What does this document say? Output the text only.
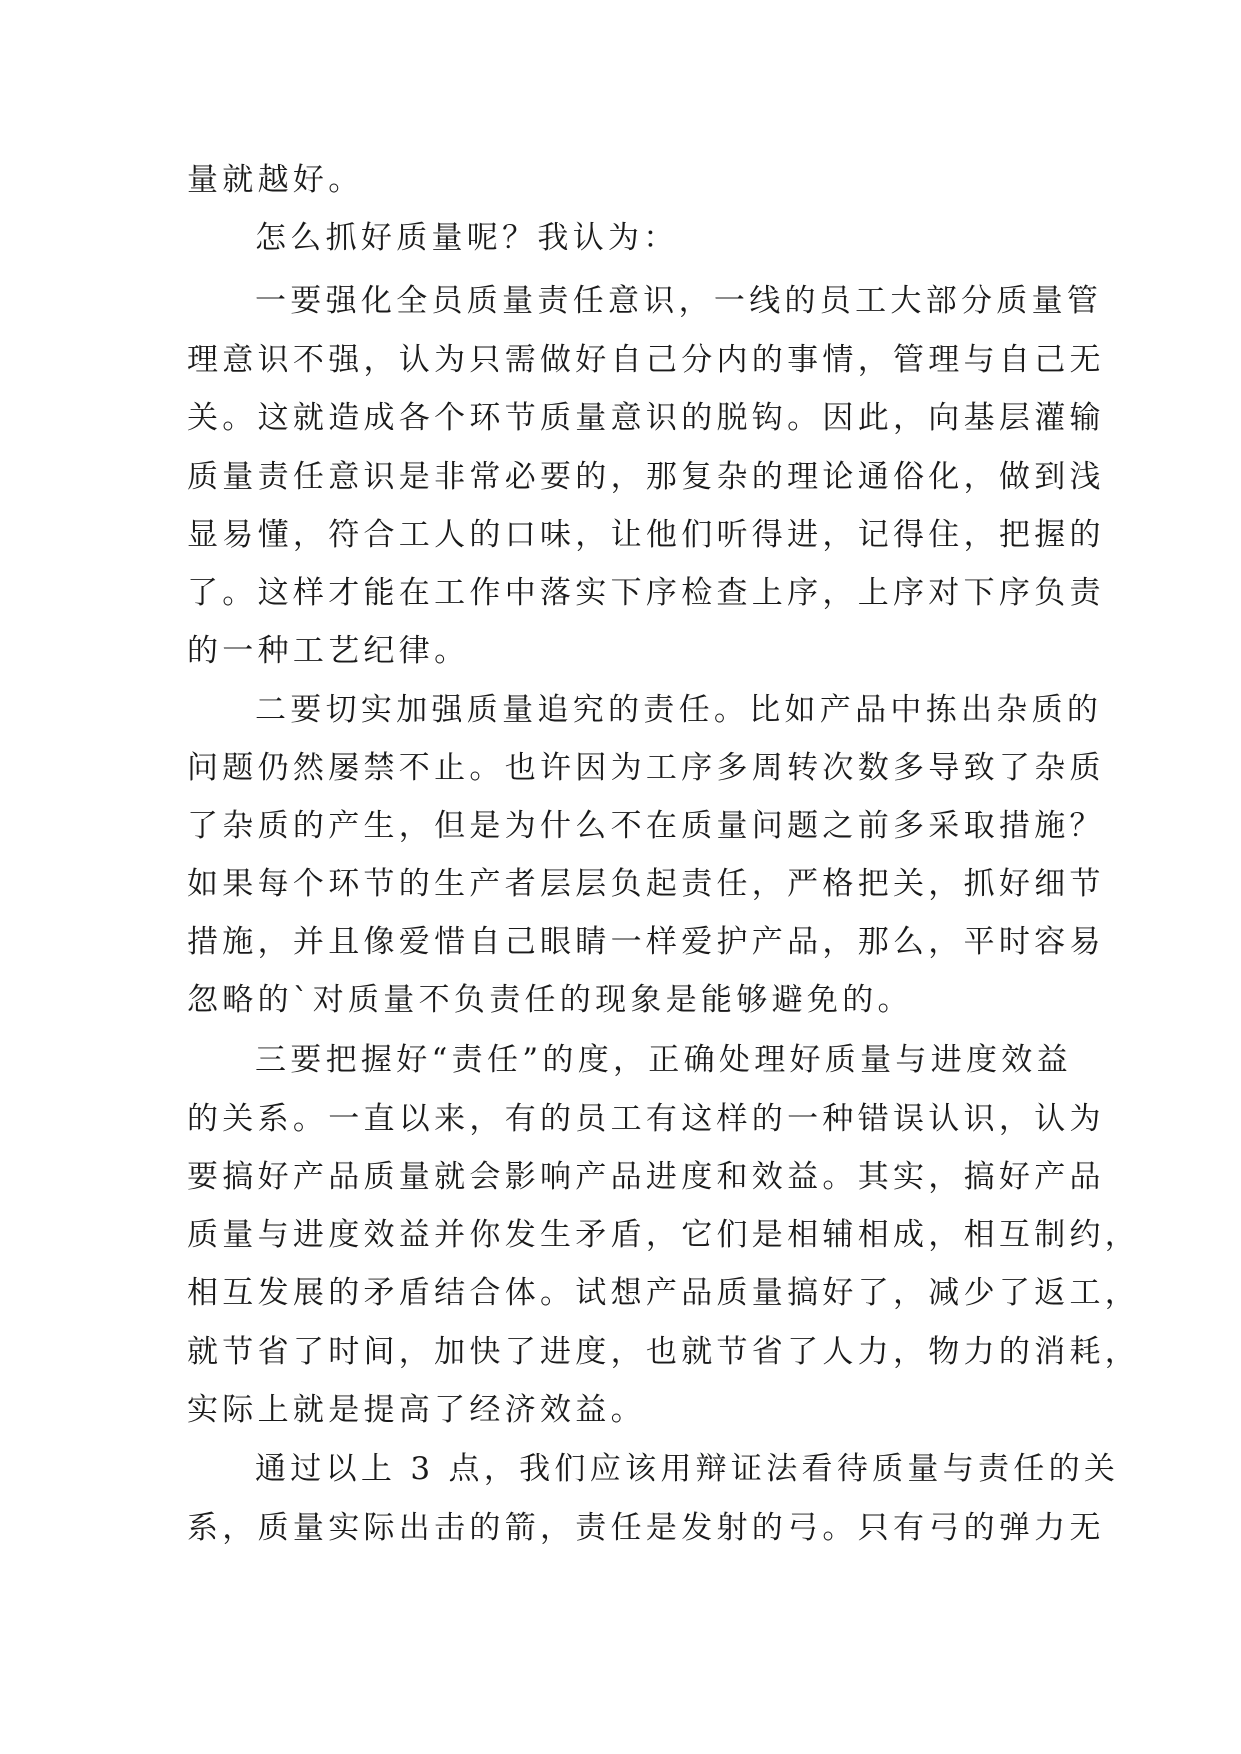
量就越好。
怎么抓好质量呢？我认为：
一要强化全员质量责任意识，一线的员工大部分质量管
理意识不强，认为只需做好自己分内的事情，管理与自己无
关。这就造成各个环节质量意识的脱钩。因此，向基层灌输
质量责任意识是非常必要的，那复杂的理论通俗化，做到浅
显易懂，符合工人的口味，让他们听得进，记得住，把握的
了。这样才能在工作中落实下序检查上序，上序对下序负责
的一种工艺纪律。
二要切实加强质量追究的责任。比如产品中拣出杂质的
问题仍然屡禁不止。也许因为工序多周转次数多导致了杂质
了杂质的产生，但是为什么不在质量问题之前多采取措施？
如果每个环节的生产者层层负起责任，严格把关，抓好细节
措施，并且像爱惜自己眼睛一样爱护产品，那么，平时容易
忽略的`对质量不负责任的现象是能够避免的。
三要把握好“责任”的度，正确处理好质量与进度效益
的关系。一直以来，有的员工有这样的一种错误认识，认为
要搞好产品质量就会影响产品进度和效益。其实，搞好产品
质量与进度效益并你发生矛盾，它们是相辅相成，相互制约，
相互发展的矛盾结合体。试想产品质量搞好了，减少了返工，
就节省了时间，加快了进度，也就节省了人力，物力的消耗，
实际上就是提高了经济效益。
通过以上 3 点，我们应该用辩证法看待质量与责任的关
系，质量实际出击的箭，责任是发射的弓。只有弓的弹力无
